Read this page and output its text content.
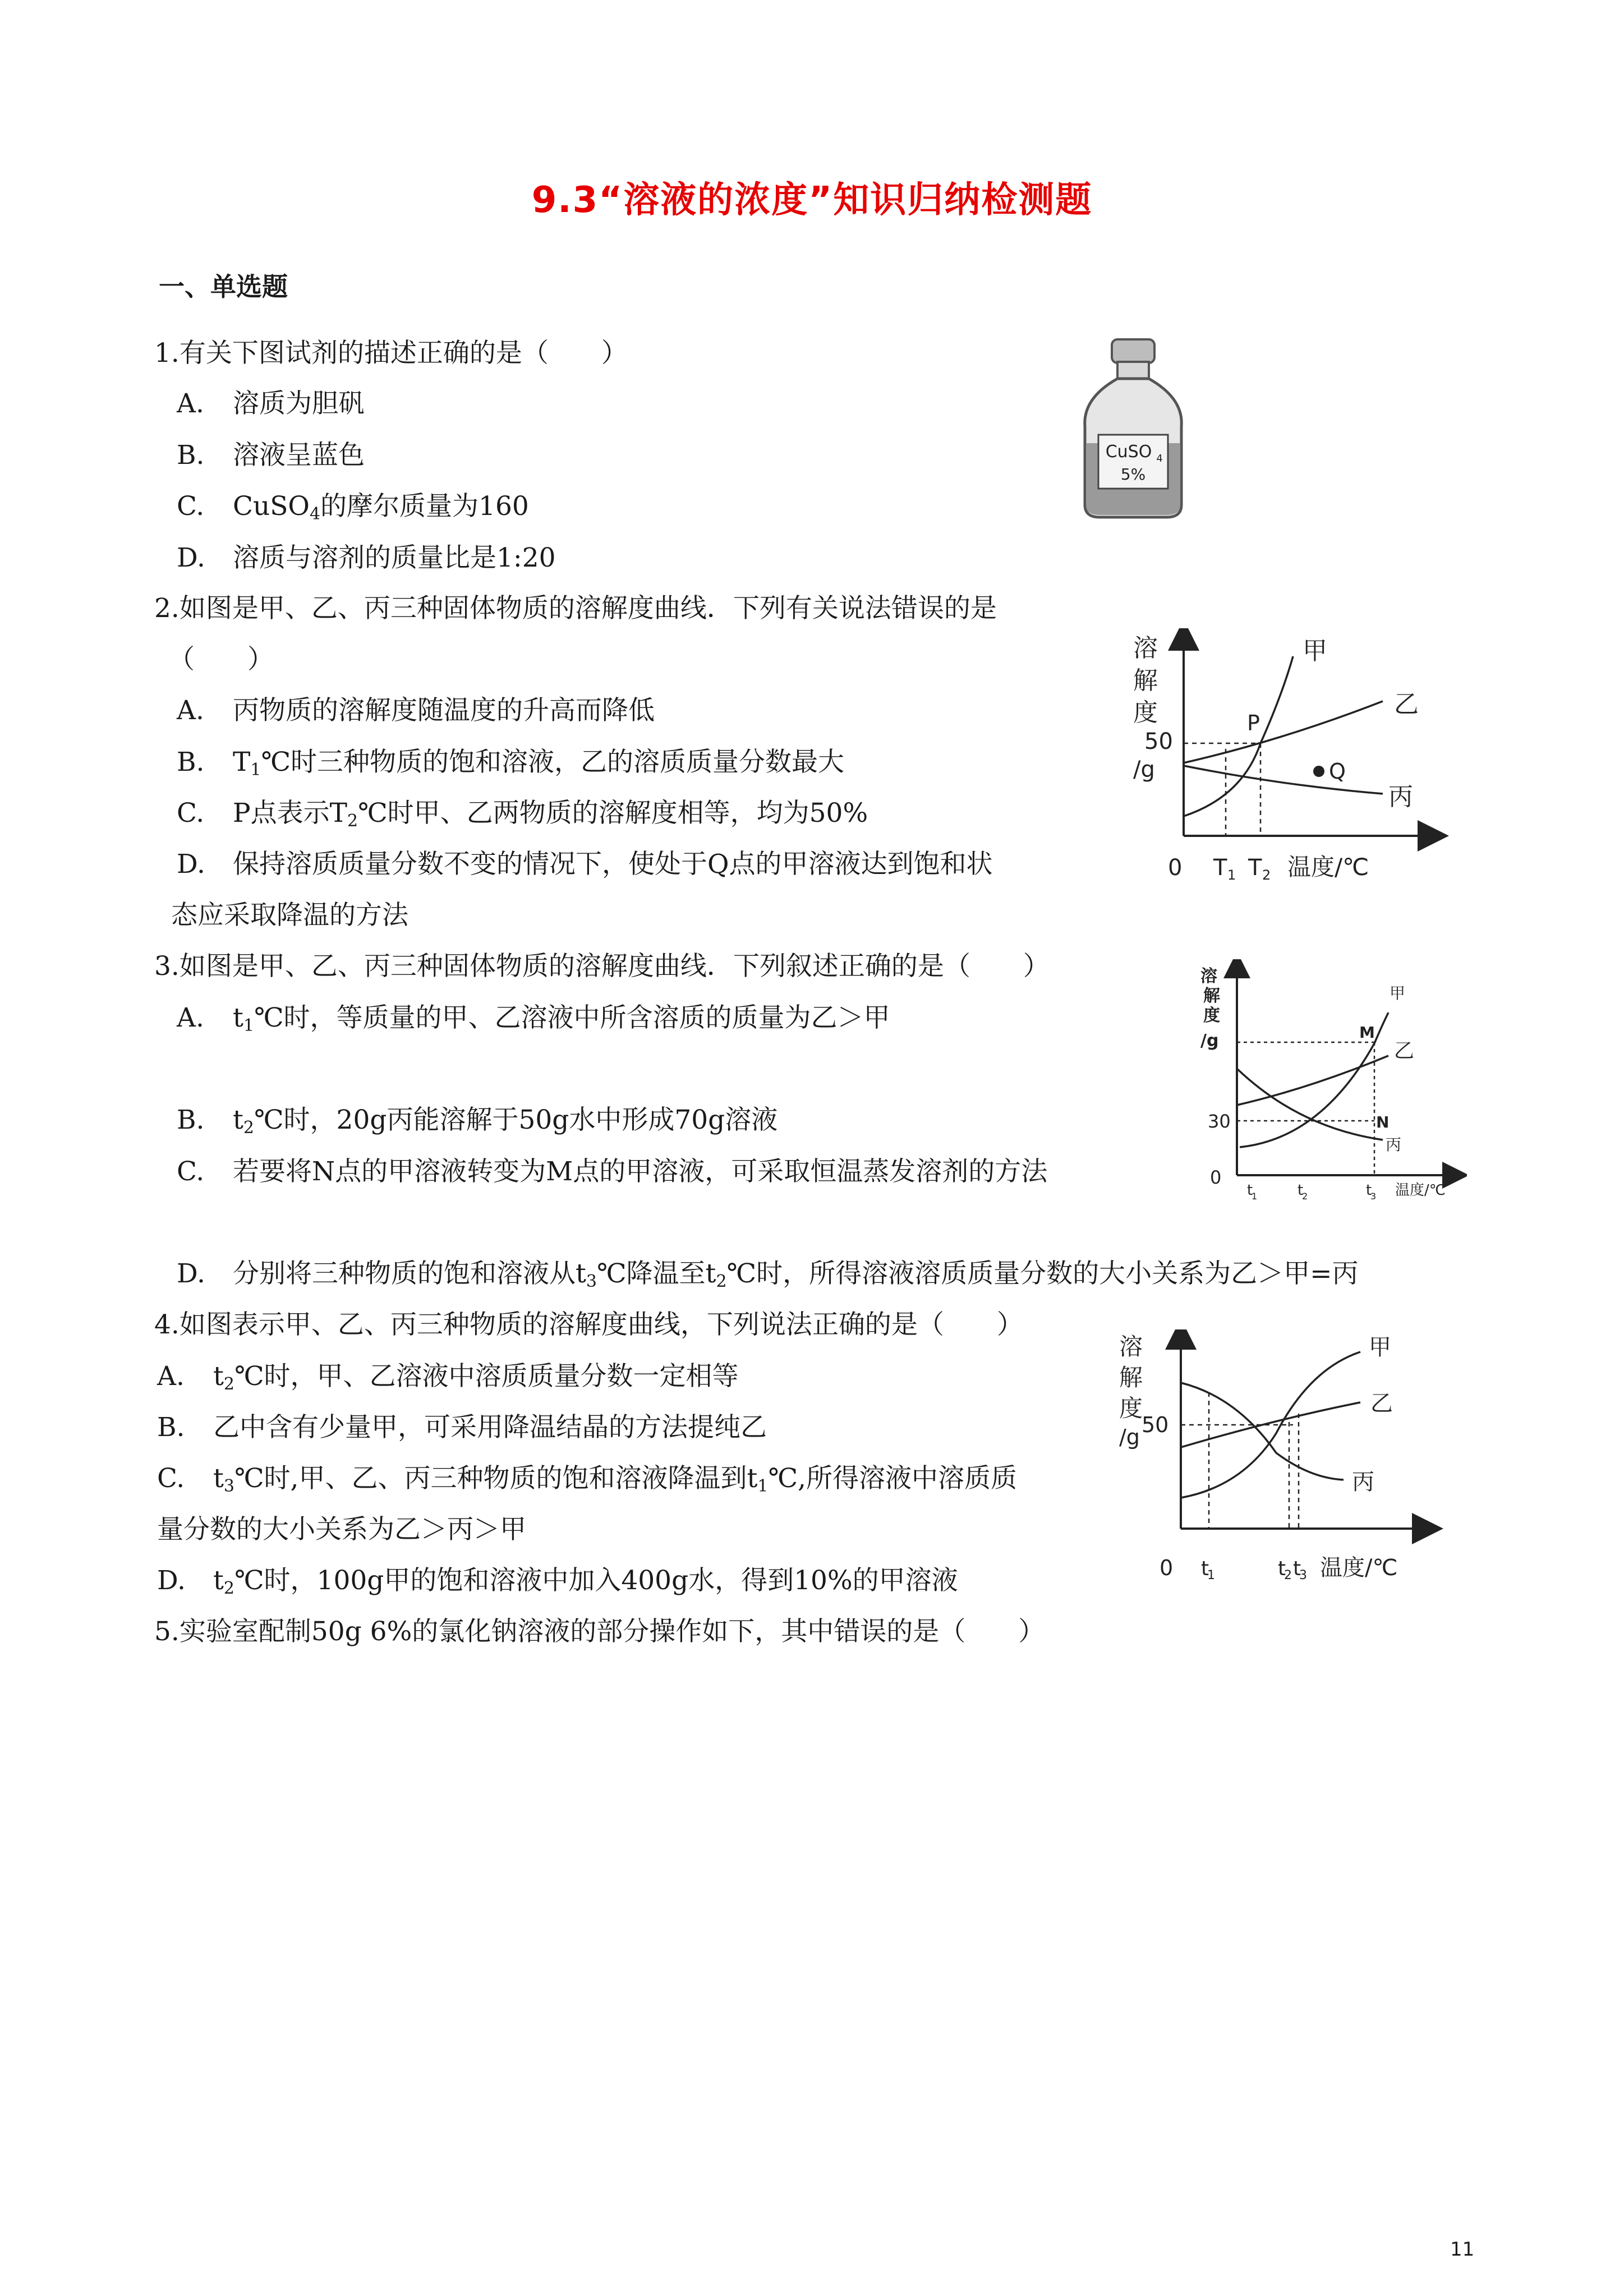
9.3“溶液的浓度”知识归纳检测题
一、单选题
1.有关下图试剂的描述正确的是（　　）
A. 溶质为胆矾
B. 溶液呈蓝色
C. CuSO$_4$的摩尔质量为160
D. 溶质与溶剂的质量比是1:20
CuSO 4
5%
2.如图是甲、乙、丙三种固体物质的溶解度曲线．下列有关说法错误的是
（　　）
A. 丙物质的溶解度随温度的升高而降低
B. $T_1℃$时三种物质的饱和溶液，乙的溶质质量分数最大
C. P点表示$T_2℃$时甲、乙两物质的溶解度相等，均为50%
D. 保持溶质质量分数不变的情况下，使处于Q点的甲溶液达到饱和状
态应采取降温的方法
溶
解
度
/g
50
0
P
Q
甲
乙
丙
T 1 T 2 温度/℃
3.如图是甲、乙、丙三种固体物质的溶解度曲线．下列叙述正确的是（　　）
A. $t_1℃$时，等质量的甲、乙溶液中所含溶质的质量为乙＞甲
B. $t_2℃$时，20g丙能溶解于50g水中形成70g溶液
C. 若要将N点的甲溶液转变为M点的甲溶液，可采取恒温蒸发溶剂的方法
D. 分别将三种物质的饱和溶液从$t_3℃$降温至$t_2℃$时，所得溶液溶质质量分数的大小关系为乙＞甲=丙
溶
解
度
/g
30
0
M
N
甲
乙
丙
t
1	t
2	t
3 温度/℃
4.如图表示甲、乙、丙三种物质的溶解度曲线，下列说法正确的是（　　）
A. $t_2℃$时，甲、乙溶液中溶质质量分数一定相等
B. 乙中含有少量甲，可采用降温结晶的方法提纯乙
C. $t_3℃$时,甲、乙、丙三种物质的饱和溶液降温到$t_1℃$,所得溶液中溶质质
量分数的大小关系为乙＞丙＞甲
D. $t_2℃$时，100g甲的饱和溶液中加入400g水，得到10%的甲溶液
溶
解
度
/g 50
0
甲
乙
丙
t
1	t
2 t
3 温度/℃
5.实验室配制50g 6%的氯化钠溶液的部分操作如下，其中错误的是（　　）
11
